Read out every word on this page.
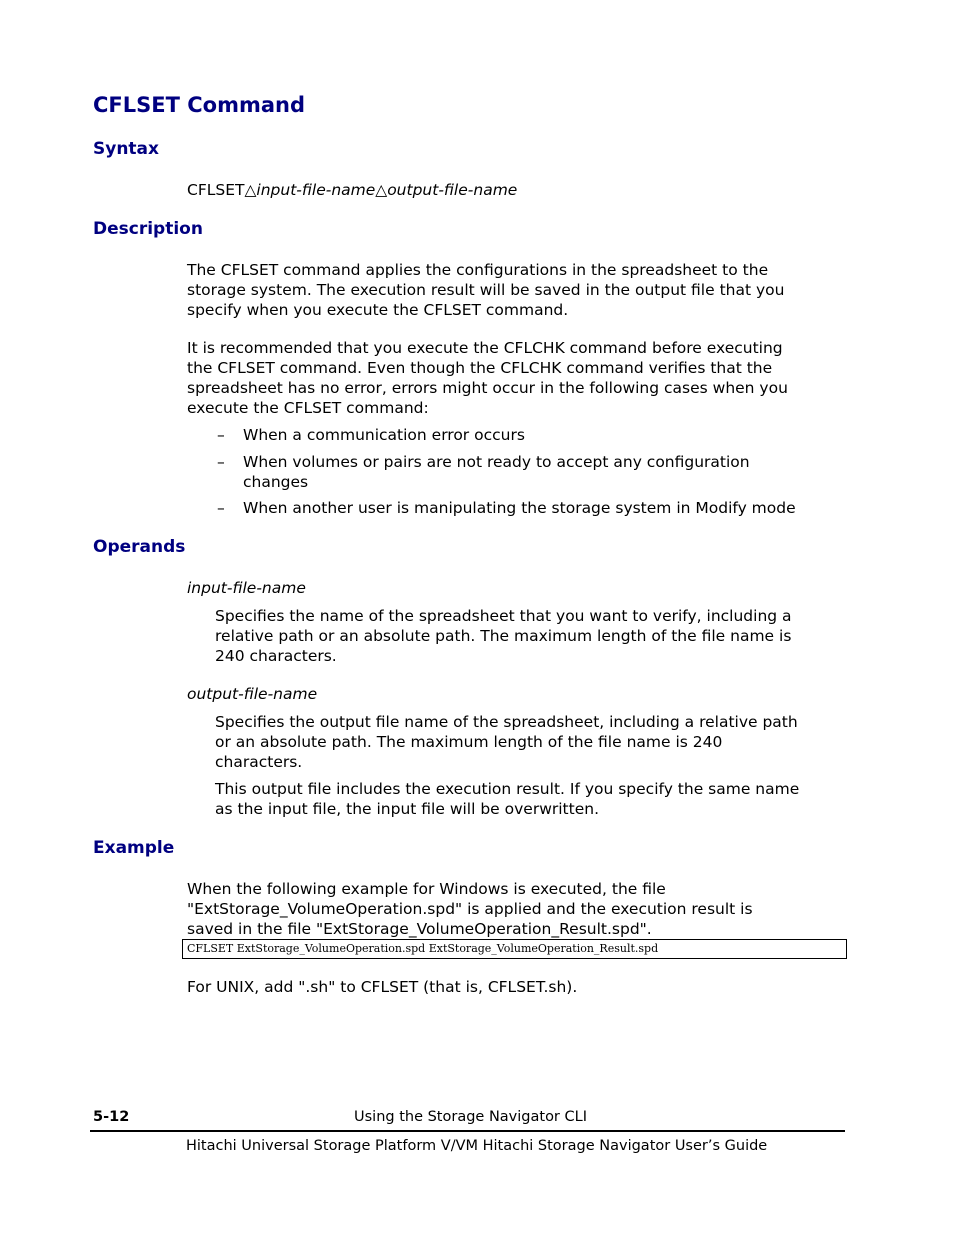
CFLSET Command
Syntax
CFLSET△input-file-name△output-file-name
Description
The CFLSET command applies the configurations in the spreadsheet to the
storage system. The execution result will be saved in the output file that you
specify when you execute the CFLSET command.
It is recommended that you execute the CFLCHK command before executing
the CFLSET command. Even though the CFLCHK command verifies that the
spreadsheet has no error, errors might occur in the following cases when you
execute the CFLSET command:
– When a communication error occurs
– When volumes or pairs are not ready to accept any configuration
changes
– When another user is manipulating the storage system in Modify mode
Operands
input-file-name
Specifies the name of the spreadsheet that you want to verify, including a
relative path or an absolute path. The maximum length of the file name is
240 characters.
output-file-name
Specifies the output file name of the spreadsheet, including a relative path
or an absolute path. The maximum length of the file name is 240
characters.
This output file includes the execution result. If you specify the same name
as the input file, the input file will be overwritten.
Example
When the following example for Windows is executed, the file
"ExtStorage_VolumeOperation.spd" is applied and the execution result is
saved in the file "ExtStorage_VolumeOperation_Result.spd".
CFLSET ExtStorage_VolumeOperation.spd ExtStorage_VolumeOperation_Result.spd
For UNIX, add ".sh" to CFLSET (that is, CFLSET.sh).
5-12	Using the Storage Navigator CLI
Hitachi Universal Storage Platform V/VM Hitachi Storage Navigator User’s Guide
